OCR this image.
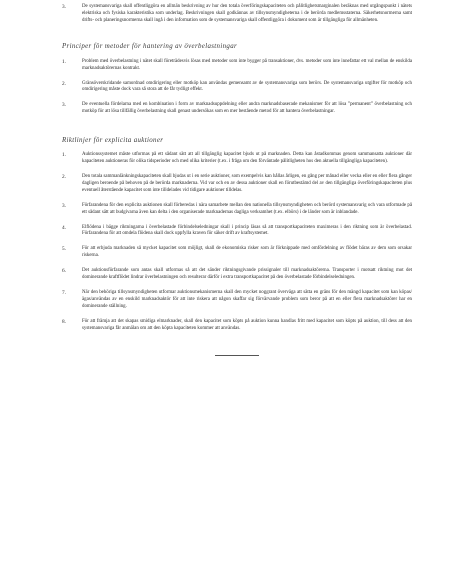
3.	De systemansvariga skall offentliggöra en allmän beskrivning av hur den totala överföringskapaciteten och pålitlighetsmarginalen beräknas med utgångspunkt i nätets elektriska och fysiska karakteristika som underlag. Beskrivningen skall godkännas av tillsynsmyndigheterna i de berörda medlemsstaterna. Säkerhetsnormerna samt drifts- och planeringsnormerna skall ingå i den information som de systemansvariga skall offentliggöra i dokument som är tillgängliga för allmänheten.
Principer för metoder för hantering av överbelastningar
1.	Problem med överbelastning i nätet skall företrädesvis lösas med metoder som inte bygger på transaktioner, dvs. metoder som inte innefattar ett val mellan de enskilda marknadsaktörernas kontrakt.
2.	Gränsöverskridande samordnad omdirigering eller motköp kan användas gemensamt av de systemansvariga som berörs. De systemansvariga utgifter för motköp och omdirigering måste dock vara så stora att de får tydligt effekt.
3.	De eventuella fördelarna med en kombination i form av marknadsuppdelning eller andra marknadsbaserade mekanismer för att lösa ”permanent” överbelastning och motköp för att lösa tillfällig överbelastning skall genast undersökas som en mer bestående metod för att hantera överbelastningar.
Riktlinjer för explicita auktioner
1.	Auktionssystemet måste utformas på ett sådant sätt att all tillgänglig kapacitet bjuds ut på marknaden. Detta kan åstadkommas genom sammansatta auktioner där kapaciteten auktioneras för olika tidsperioder och med olika kriterier (t.ex. i fråga om den förväntade pålitligheten hos den aktuella tillgängliga kapaciteten).
2.	Den totala sammanlänkningskapaciteten skall bjudas ut i en serie auktioner, som exempelvis kan hållas årligen, en gång per månad eller vecka eller en eller flera gånger dagligen beroende på behoven på de berörda marknaderna. Vid var och en av dessa auktioner skall en förutbestämd del av den tillgängliga överföringskapaciteten plus eventuell återstående kapacitet som inte tilldelades vid tidigare auktioner tilldelas.
3.	Förfarandena för den explicita auktionen skall förberedas i nära samarbete mellan den nationella tillsynsmyndigheten och berörd systemansvarig och vara utformade på ett sådant sätt att budgivarna även kan delta i den organiserade marknadernas dagliga verksamhet (t.ex. elbörs) i de länder som är inblandade.
4.	Elflödena i bägge riktningarna i överbelastade förbindelseledningar skall i princip läsas så att transportkapaciteten maximeras i den riktning som är överbelastad. Förfarandena för att omdela flödena skall dock uppfylla kraven för säker drift av kraftsystemet.
5.	För att erbjuda marknaden så mycket kapacitet som möjligt, skall de ekonomiska risker som är förknippade med omfördelning av flödet bäras av dem som orsakar riskerna.
6.	Det auktionsförfarande som antas skall utformas så att det sänder riktningsgivande prissignaler till marknadsaktörerna. Transporter i motsatt riktning mot det dominerande kraftflödet lindrar överbelastningen och resulterar därför i extra transportkapacitet på den överbelastade förbindelseledningen.
7.	När den behöriga tillsynsmyndigheten utformar auktionsmekanismerna skall den mycket noggrant överväga att sätta en gräns för den mängd kapacitet som kan köpas/ägas/användas av en enskild marknadsaktör för att inte riskera att någon skaffar sig förvärvande problem som beror på att en eller flera marknadsaktörer har en dominerande ställning.
8.	För att främja att det skapas smidiga elmarknader, skall den kapacitet som köpts på auktion kunna handlas fritt med kapacitet som köpts på auktion, till dess att den systemansvariga får anmälan om att den köpta kapaciteten kommer att användas.
